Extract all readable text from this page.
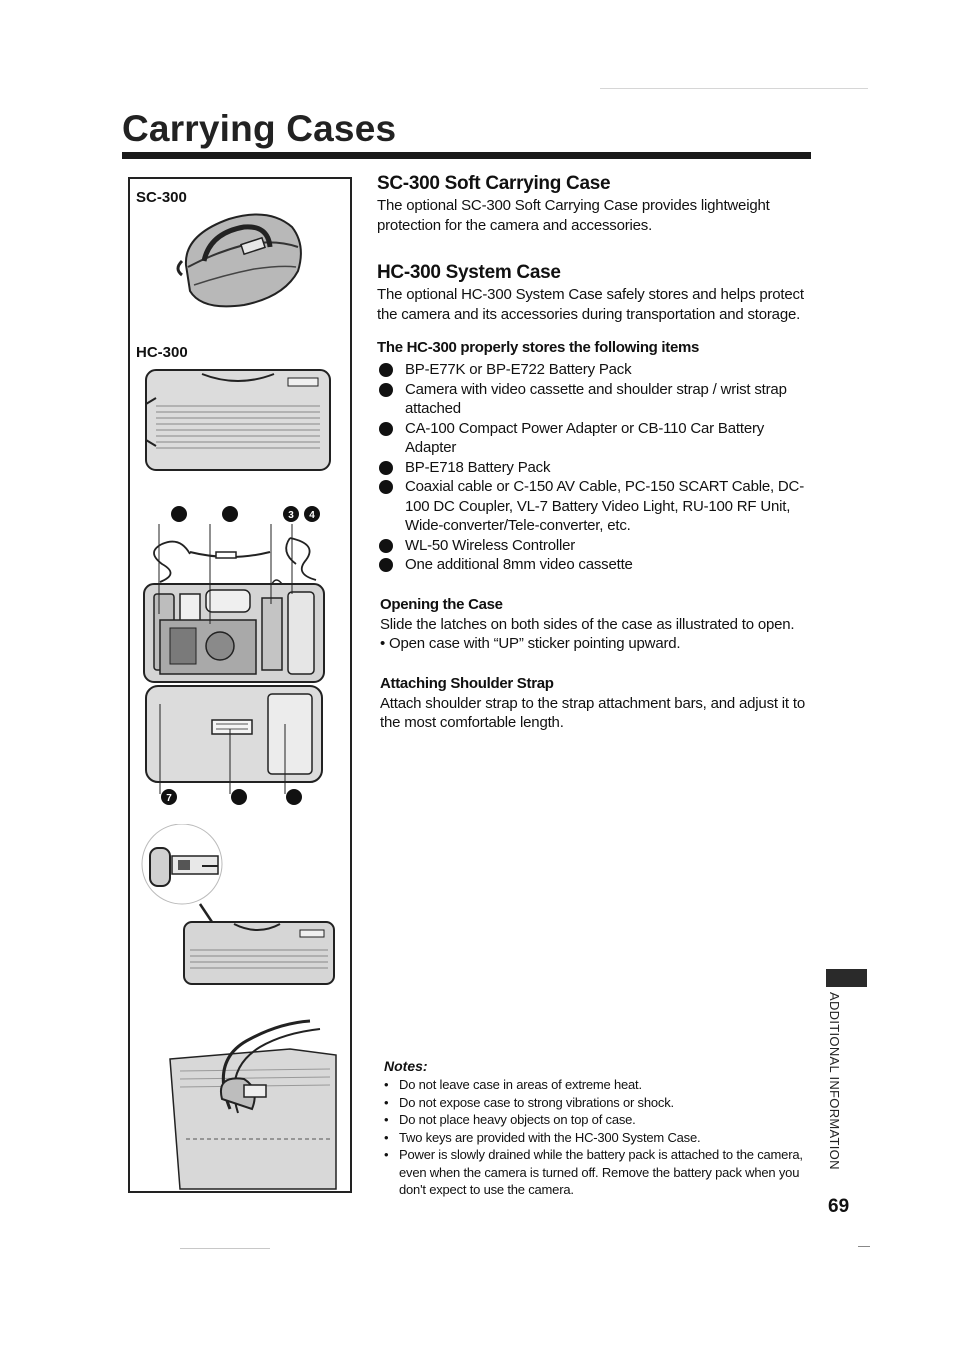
Carrying Cases
SC-300
HC-300
3 4
7
SC-300 Soft Carrying Case

The optional SC-300 Soft Carrying Case provides lightweight protection for the camera and accessories.

HC-300 System Case

The optional HC-300 System Case safely stores and helps protect the camera and its accessories during transportation and storage.

The HC-300 properly stores the following items
BP-E77K or BP-E722 Battery Pack
Camera with video cassette and shoulder strap / wrist strap attached
CA-100 Compact Power Adapter or CB-110 Car Battery Adapter
BP-E718 Battery Pack
Coaxial cable or C-150 AV Cable, PC-150 SCART Cable, DC-100 DC Coupler, VL-7 Battery Video Light, RU-100 RF Unit, Wide-converter/Tele-converter, etc.
WL-50 Wireless Controller
One additional 8mm video cassette
Opening the Case

Slide the latches on both sides of the case as illustrated to open.

• Open case with “UP” sticker pointing upward.

Attaching Shoulder Strap

Attach shoulder strap to the strap attachment bars, and adjust it to the most comfortable length.

Notes:

• Do not leave case in areas of extreme heat.
• Do not expose case to strong vibrations or shock.
• Do not place heavy objects on top of case.
• Two keys are provided with the HC-300 System Case.
• Power is slowly drained while the battery pack is attached to the camera, even when the camera is turned off. Remove the battery pack when you don't expect to use the camera.
ADDITIONAL INFORMATION
69
